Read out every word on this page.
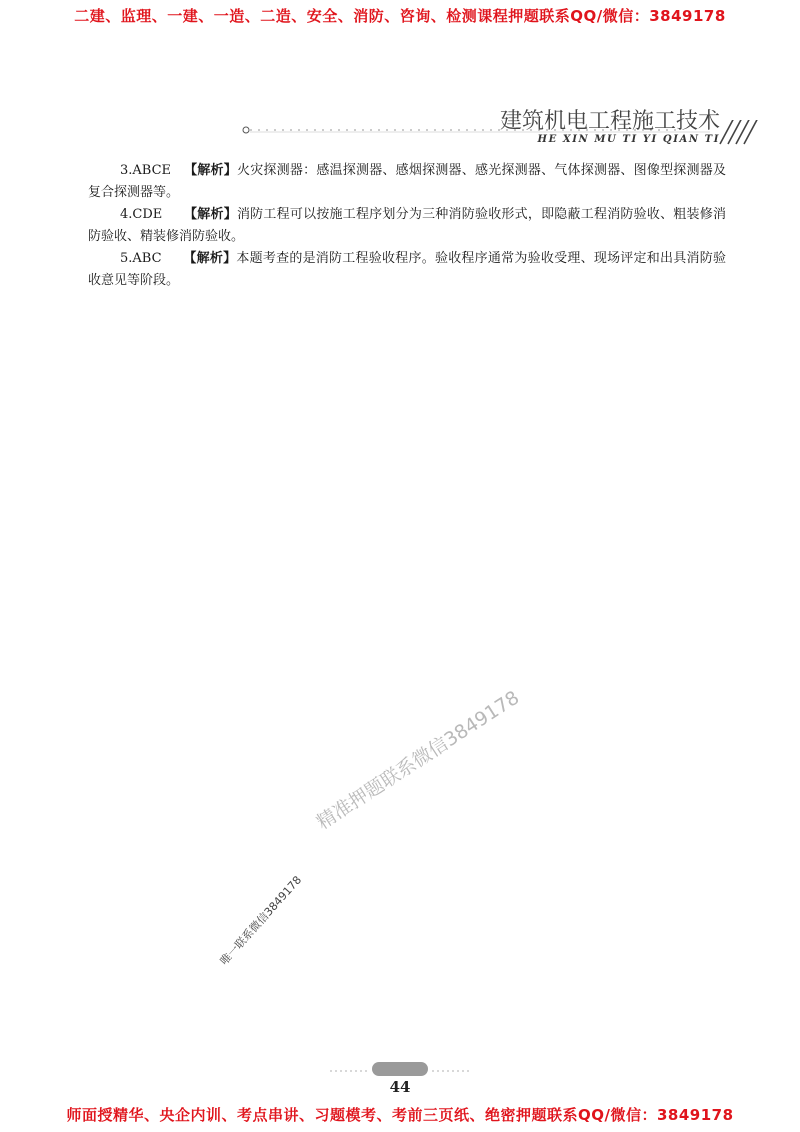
二建、监理、一建、一造、二造、安全、消防、咨询、检测课程押题联系QQ/微信：3849178
建筑机电工程施工技术
HE XIN MU TI YI QIAN TI

3.ABCE 【解析】火灾探测器：感温探测器、感烟探测器、感光探测器、气体探测器、图像型探测器及复合探测器等。

4.CDE 【解析】消防工程可以按施工程序划分为三种消防验收形式，即隐蔽工程消防验收、粗装修消防验收、精装修消防验收。

5.ABC 【解析】本题考查的是消防工程验收程序。验收程序通常为验收受理、现场评定和出具消防验收意见等阶段。

精准押题联系微信3849178
唯一联系微信3849178
44
师面授精华、央企内训、考点串讲、习题模考、考前三页纸、绝密押题联系QQ/微信：3849178
